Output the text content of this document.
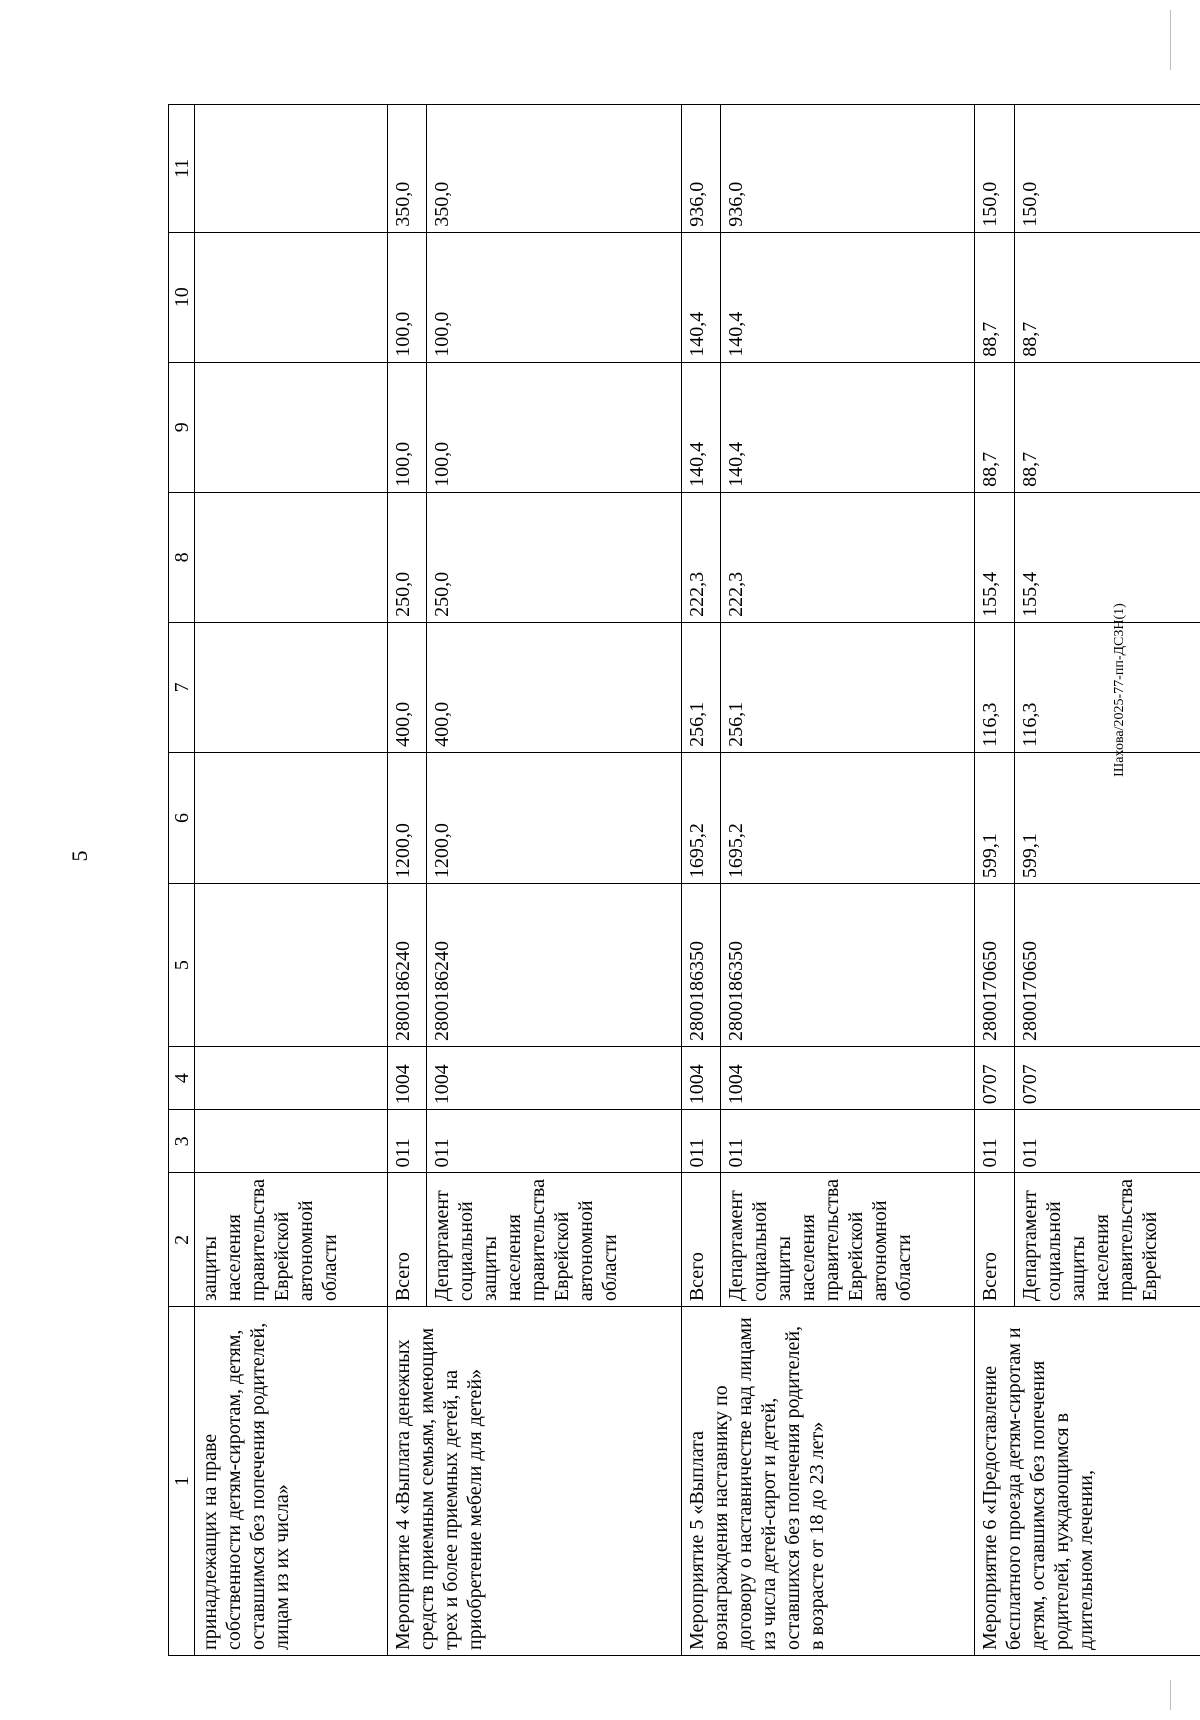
5
Шахова/2025-77-пп-ДСЗН(1)
1	2	3	4	5	6	7	8	9	10	11
принадлежащих на праве собственности детям-сиротам, детям, оставшимся без попечения родителей, лицам из их числа»	защиты населения правительства Еврейской автономной области									
Мероприятие 4 «Выплата денежных средств приемным семьям, имеющим трех и более приемных детей, на приобретение мебели для детей»	Всего	011	1004	2800186240	1200,0	400,0	250,0	100,0	100,0	350,0
	Департамент социальной защиты населения правительства Еврейской автономной области	011	1004	2800186240	1200,0	400,0	250,0	100,0	100,0	350,0
Мероприятие 5 «Выплата вознаграждения наставнику по договору о наставничестве над лицами из числа детей-сирот и детей, оставшихся без попечения родителей, в возрасте от 18 до 23 лет»	Всего	011	1004	2800186350	1695,2	256,1	222,3	140,4	140,4	936,0
	Департамент социальной защиты населения правительства Еврейской автономной области	011	1004	2800186350	1695,2	256,1	222,3	140,4	140,4	936,0
Мероприятие 6 «Предоставление бесплатного проезда детям-сиротам и детям, оставшимся без попечения родителей, нуждающимся в длительном лечении,	Всего	011	0707	2800170650	599,1	116,3	155,4	88,7	88,7	150,0
	Департамент социальной защиты населения правительства Еврейской	011	0707	2800170650	599,1	116,3	155,4	88,7	88,7	150,0
